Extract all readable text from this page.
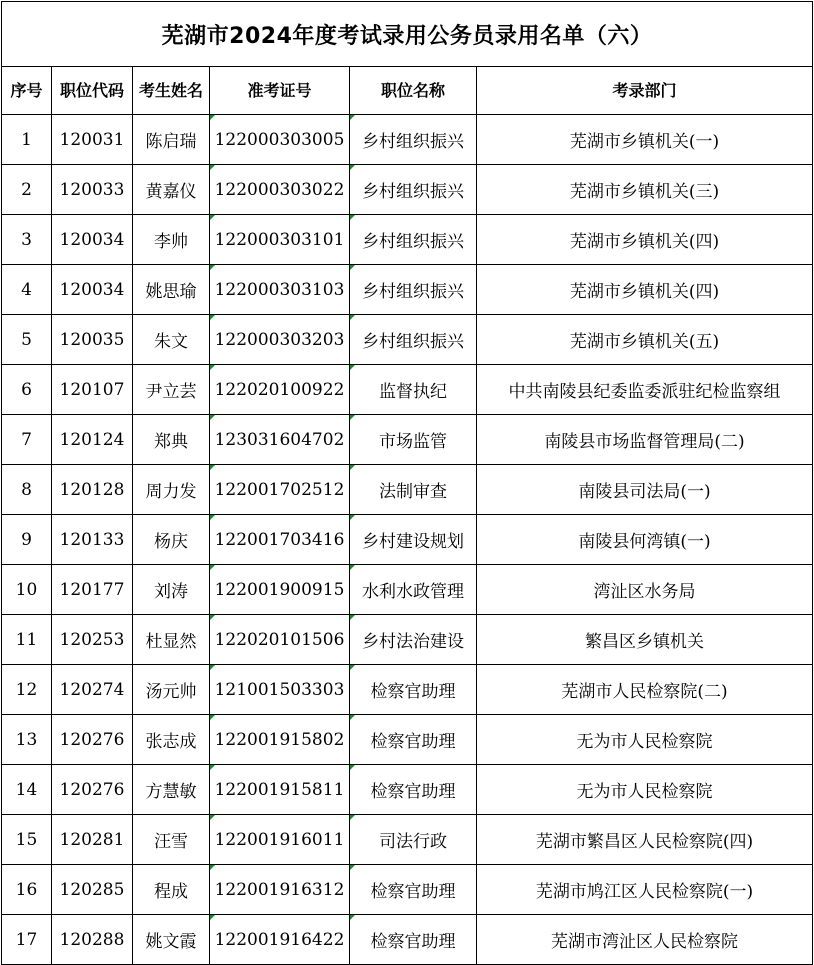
芜湖市2024年度考试录用公务员录用名单（六）					
序号	职位代码	考生姓名	准考证号	职位名称	考录部门
1	120031	陈启瑞	122000303005	乡村组织振兴	芜湖市乡镇机关(一)
2	120033	黄嘉仪	122000303022	乡村组织振兴	芜湖市乡镇机关(三)
3	120034	李帅	122000303101	乡村组织振兴	芜湖市乡镇机关(四)
4	120034	姚思瑜	122000303103	乡村组织振兴	芜湖市乡镇机关(四)
5	120035	朱文	122000303203	乡村组织振兴	芜湖市乡镇机关(五)
6	120107	尹立芸	122020100922	监督执纪	中共南陵县纪委监委派驻纪检监察组
7	120124	郑典	123031604702	市场监管	南陵县市场监督管理局(二)
8	120128	周力发	122001702512	法制审查	南陵县司法局(一)
9	120133	杨庆	122001703416	乡村建设规划	南陵县何湾镇(一)
10	120177	刘涛	122001900915	水利水政管理	湾沚区水务局
11	120253	杜显然	122020101506	乡村法治建设	繁昌区乡镇机关
12	120274	汤元帅	121001503303	检察官助理	芜湖市人民检察院(二)
13	120276	张志成	122001915802	检察官助理	无为市人民检察院
14	120276	方慧敏	122001915811	检察官助理	无为市人民检察院
15	120281	汪雪	122001916011	司法行政	芜湖市繁昌区人民检察院(四)
16	120285	程成	122001916312	检察官助理	芜湖市鸠江区人民检察院(一)
17	120288	姚文霞	122001916422	检察官助理	芜湖市湾沚区人民检察院
